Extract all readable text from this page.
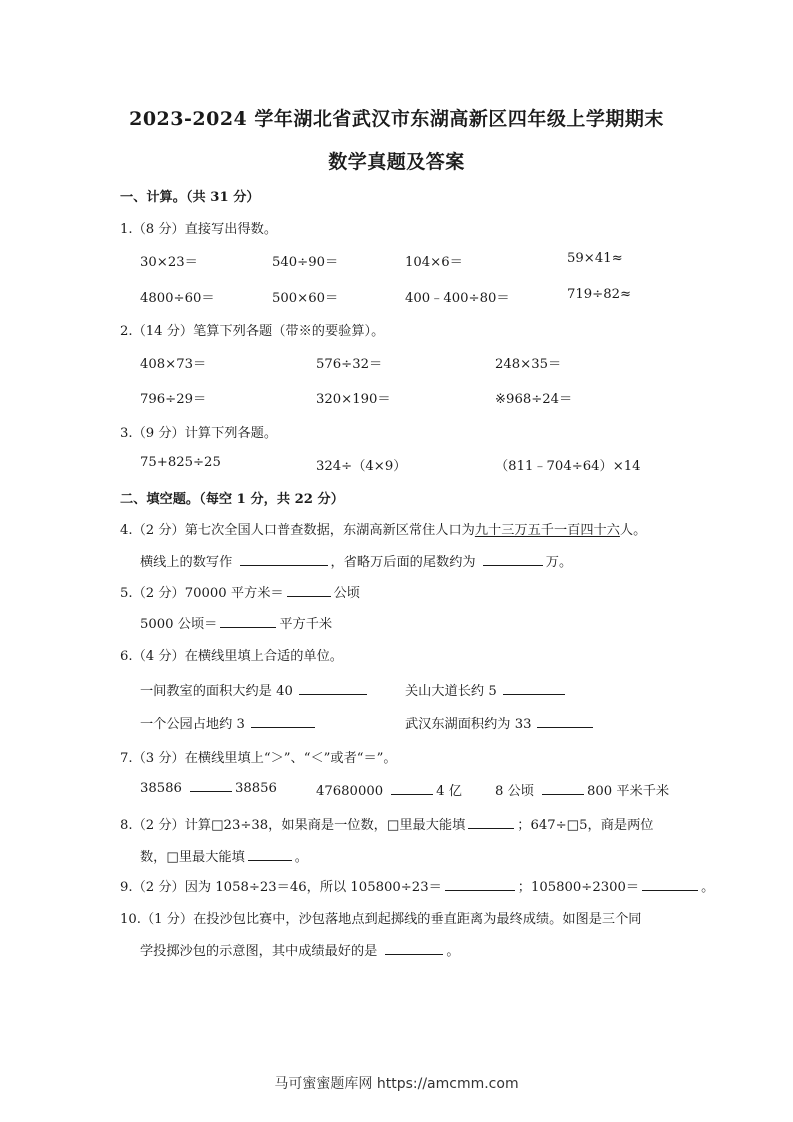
2023-2024 学年湖北省武汉市东湖高新区四年级上学期期末
数学真题及答案
一、计算。（共 31 分）
1.（8 分）直接写出得数。
30×23＝	540÷90＝	104×6＝	59×41≈
4800÷60＝	500×60＝	400﹣400÷80＝	719÷82≈
2.（14 分）笔算下列各题（带※的要验算）。
408×73＝	576÷32＝	248×35＝
796÷29＝	320×190＝	※968÷24＝
3.（9 分）计算下列各题。
75+825÷25	324÷（4×9）	（811﹣704÷64）×14
二、填空题。（每空 1 分，共 22 分）
4.（2 分）第七次全国人口普查数据，东湖高新区常住人口为九十三万五千一百四十六人。
横线上的数写作	，省略万后面的尾数约为	万。
5.（2 分）70000 平方米＝	公顷
5000 公顷＝	平方千米
6.（4 分）在横线里填上合适的单位。
一间教室的面积大约是 40	关山大道长约 5
一个公园占地约 3	武汉东湖面积约为 33
7.（3 分）在横线里填上“＞”、“＜”或者“＝”。
38586	38856	47680000	4 亿	8 公顷	800 平米千米
8.（2 分）计算□23÷38，如果商是一位数，□里最大能填	；647÷□5，商是两位
数，□里最大能填	。
9.（2 分）因为 1058÷23＝46，所以 105800÷23＝	；105800÷2300＝	。
10.（1 分）在投沙包比赛中，沙包落地点到起掷线的垂直距离为最终成绩。如图是三个同
学投掷沙包的示意图，其中成绩最好的是	。
马可蜜蜜题库网 https://amcmm.com
